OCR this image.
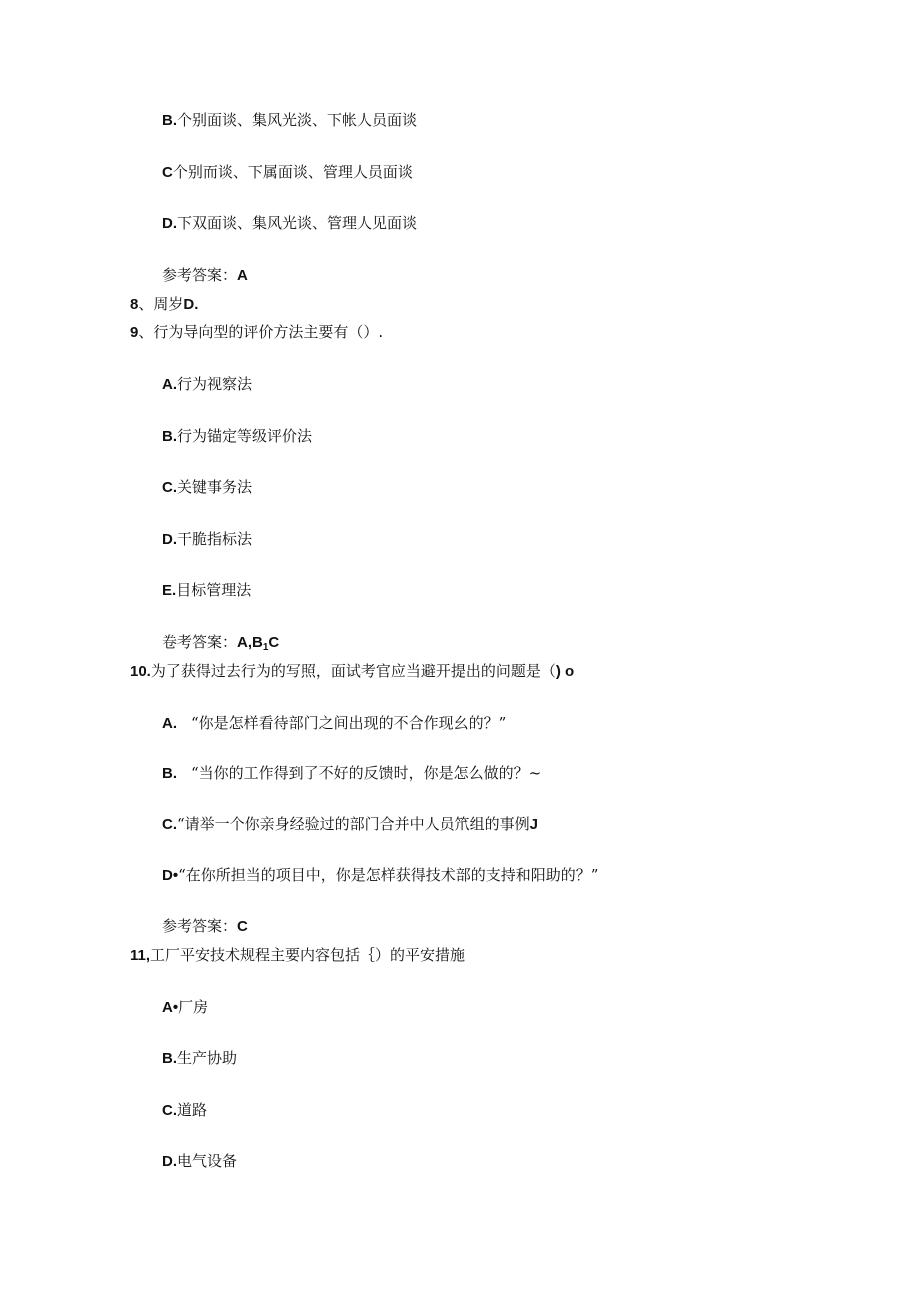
B.个别面谈、集风光淡、下帐人员面谈
C个别而谈、下属面谈、管理人员面谈
D.下双面谈、集风光谈、管理人见面谈
参考答案：A
8、周岁D.
9、行为导向型的评价方法主要有（）.
A.行为视察法
B.行为锚定等级评价法
C.关键事务法
D.干脆指标法
E.目标管理法
卷考答案：$A,B_1C$
10.为了获得过去行为的写照，面试考官应当避开提出的问题是（) o
A. “你是怎样看待部门之间出现的不合作现幺的？”
B. “当你的工作得到了不好的反馈时，你是怎么做的？~
C.“请举一个你亲身经验过的部门合并中人员笊组的事例J
D•“在你所担当的项目中，你是怎样获得技术部的支持和阳助的？”
参考答案：C
11,工厂平安技术规程主要内容包括｛）的平安措施
A•厂房
B.生产协助
C.道路
D.电气设备
